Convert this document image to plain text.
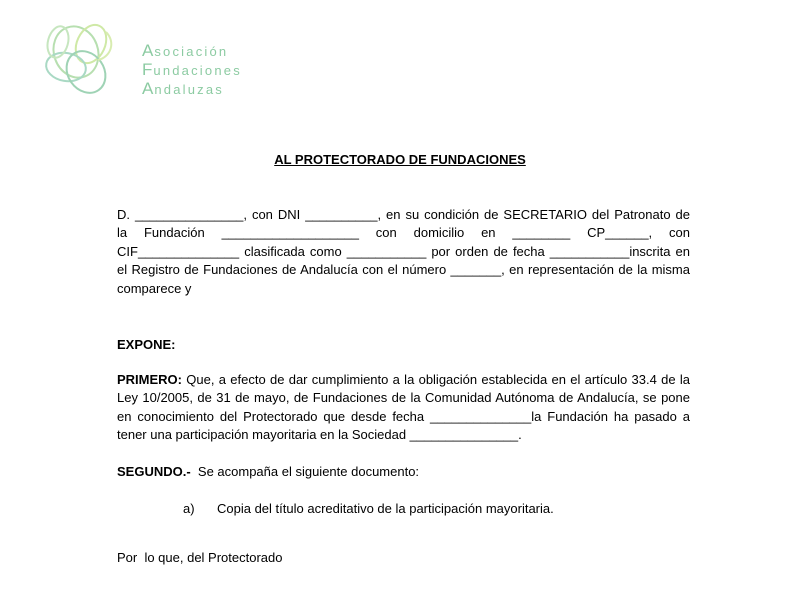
Asociación
Fundaciones
Andaluzas
AL PROTECTORADO DE FUNDACIONES
D. _______________, con DNI __________, en su condición de SECRETARIO del Patronato de
la Fundación ___________________ con domicilio en ________ CP______, con
CIF______________ clasificada como ___________ por orden de fecha ___________inscrita en
el Registro de Fundaciones de Andalucía con el número _______, en representación de la misma
comparece y
EXPONE:
PRIMERO: Que, a efecto de dar cumplimiento a la obligación establecida en el artículo 33.4 de la
Ley 10/2005, de 31 de mayo, de Fundaciones de la Comunidad Autónoma de Andalucía, se pone
en conocimiento del Protectorado que desde fecha ______________la Fundación ha pasado a
tener una participación mayoritaria en la Sociedad _______________.
SEGUNDO.-  Se acompaña el siguiente documento:
a) Copia del título acreditativo de la participación mayoritaria.
Por  lo que, del Protectorado
